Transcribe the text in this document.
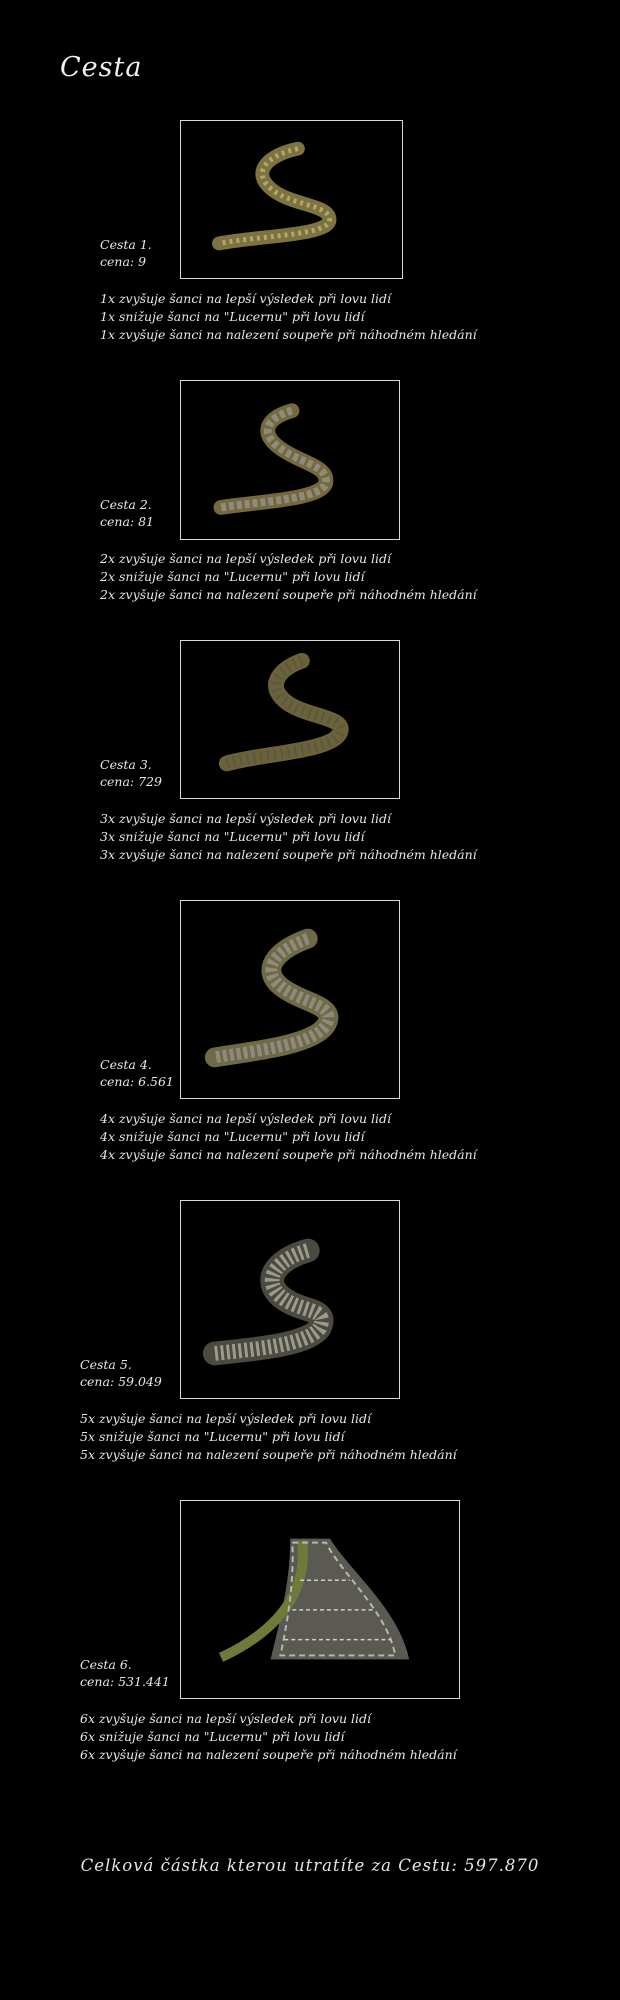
Cesta
Cesta 1.
cena: 9
1x zvyšuje šanci na lepší výsledek při lovu lidí
1x snižuje šanci na "Lucernu" při lovu lidí
1x zvyšuje šanci na nalezení soupeře při náhodném hledání
Cesta 2.
cena: 81
2x zvyšuje šanci na lepší výsledek při lovu lidí
2x snižuje šanci na "Lucernu" při lovu lidí
2x zvyšuje šanci na nalezení soupeře při náhodném hledání
Cesta 3.
cena: 729
3x zvyšuje šanci na lepší výsledek při lovu lidí
3x snižuje šanci na "Lucernu" při lovu lidí
3x zvyšuje šanci na nalezení soupeře při náhodném hledání
Cesta 4.
cena: 6.561
4x zvyšuje šanci na lepší výsledek při lovu lidí
4x snižuje šanci na "Lucernu" při lovu lidí
4x zvyšuje šanci na nalezení soupeře při náhodném hledání
Cesta 5.
cena: 59.049
5x zvyšuje šanci na lepší výsledek při lovu lidí
5x snižuje šanci na "Lucernu" při lovu lidí
5x zvyšuje šanci na nalezení soupeře při náhodném hledání
Cesta 6.
cena: 531.441
6x zvyšuje šanci na lepší výsledek při lovu lidí
6x snižuje šanci na "Lucernu" při lovu lidí
6x zvyšuje šanci na nalezení soupeře při náhodném hledání
Celková částka kterou utratíte za Cestu: 597.870
